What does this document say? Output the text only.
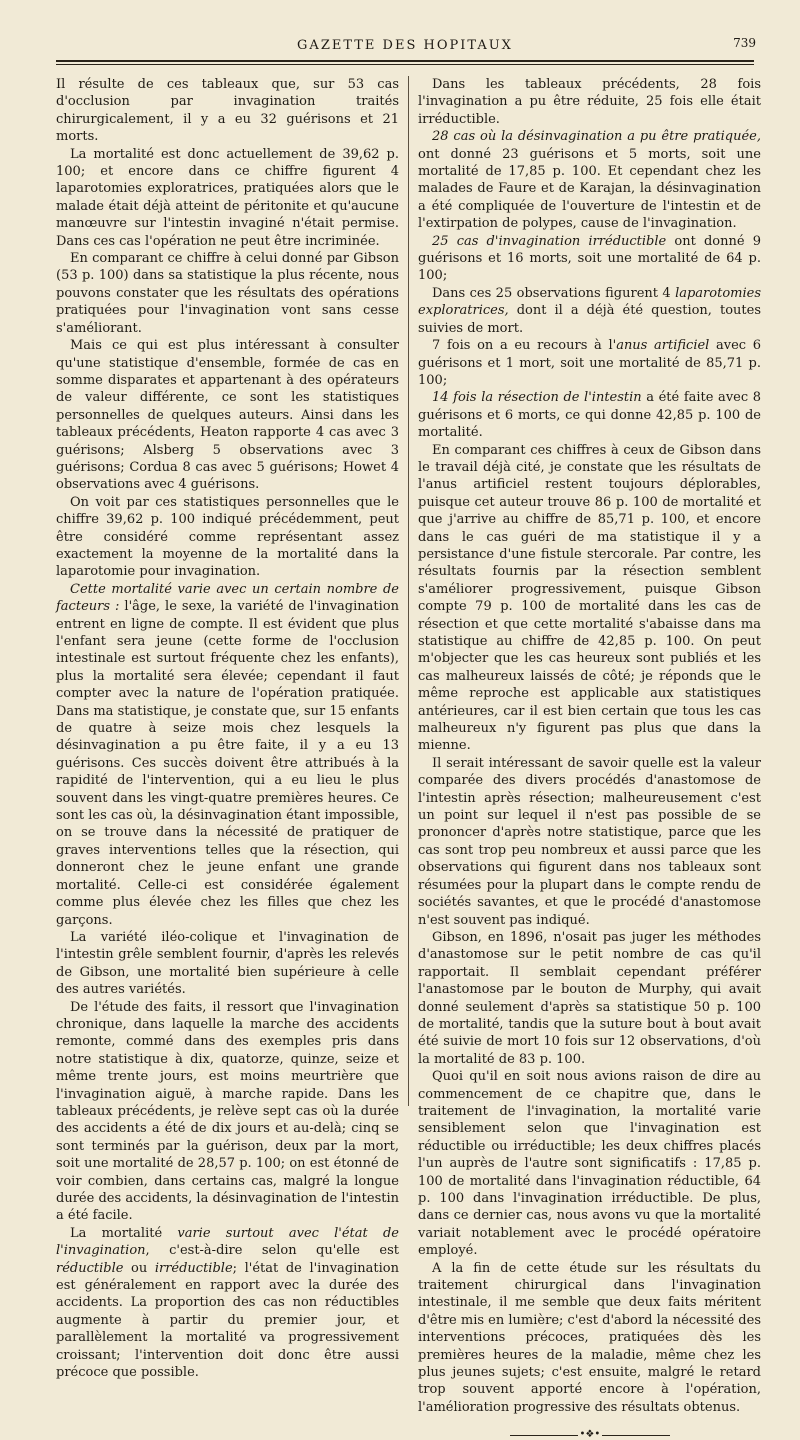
GAZETTE DES HOPITAUX	739

Il résulte de ces tableaux que, sur 53 cas d'occlusion par invagination traités chirurgicalement, il y a eu 32 guérisons et 21 morts.

La mortalité est donc actuellement de 39,62 p. 100; et encore dans ce chiffre figurent 4 laparotomies exploratrices, pratiquées alors que le malade était déjà atteint de péritonite et qu'aucune manœuvre sur l'intestin invaginé n'était permise. Dans ces cas l'opération ne peut être incriminée.

En comparant ce chiffre à celui donné par Gibson (53 p. 100) dans sa statistique la plus récente, nous pouvons constater que les résultats des opérations pratiquées pour l'invagination vont sans cesse s'améliorant.

Mais ce qui est plus intéressant à consulter qu'une statistique d'ensemble, formée de cas en somme disparates et appartenant à des opérateurs de valeur différente, ce sont les statistiques personnelles de quelques auteurs. Ainsi dans les tableaux précédents, Heaton rapporte 4 cas avec 3 guérisons; Alsberg 5 observations avec 3 guérisons; Cordua 8 cas avec 5 guérisons; Howet 4 observations avec 4 guérisons.

On voit par ces statistiques personnelles que le chiffre 39,62 p. 100 indiqué précédemment, peut être considéré comme représentant assez exactement la moyenne de la mortalité dans la laparotomie pour invagination.

Cette mortalité varie avec un certain nombre de facteurs : l'âge, le sexe, la variété de l'invagination entrent en ligne de compte. Il est évident que plus l'enfant sera jeune (cette forme de l'occlusion intestinale est surtout fréquente chez les enfants), plus la mortalité sera élevée; cependant il faut compter avec la nature de l'opération pratiquée. Dans ma statistique, je constate que, sur 15 enfants de quatre à seize mois chez lesquels la désinvagination a pu être faite, il y a eu 13 guérisons. Ces succès doivent être attribués à la rapidité de l'intervention, qui a eu lieu le plus souvent dans les vingt-quatre premières heures. Ce sont les cas où, la désinvagination étant impossible, on se trouve dans la nécessité de pratiquer de graves interventions telles que la résection, qui donneront chez le jeune enfant une grande mortalité. Celle-ci est considérée également comme plus élevée chez les filles que chez les garçons.

La variété iléo-colique et l'invagination de l'intestin grêle semblent fournir, d'après les relevés de Gibson, une mortalité bien supérieure à celle des autres variétés.

De l'étude des faits, il ressort que l'invagination chronique, dans laquelle la marche des accidents remonte, commé dans des exemples pris dans notre statistique à dix, quatorze, quinze, seize et même trente jours, est moins meurtrière que l'invagination aiguë, à marche rapide. Dans les tableaux précédents, je relève sept cas où la durée des accidents a été de dix jours et au-delà; cinq se sont terminés par la guérison, deux par la mort, soit une mortalité de 28,57 p. 100; on est étonné de voir combien, dans certains cas, malgré la longue durée des accidents, la désinvagination de l'intestin a été facile.

La mortalité varie surtout avec l'état de l'invagination, c'est-à-dire selon qu'elle est réductible ou irréductible; l'état de l'invagination est généralement en rapport avec la durée des accidents. La proportion des cas non réductibles augmente à partir du premier jour, et parallèlement la mortalité va progressivement croissant; l'intervention doit donc être aussi précoce que possible.

Dans les tableaux précédents, 28 fois l'invagination a pu être réduite, 25 fois elle était irréductible.

28 cas où la désinvagination a pu être pratiquée, ont donné 23 guérisons et 5 morts, soit une mortalité de 17,85 p. 100. Et cependant chez les malades de Faure et de Karajan, la désinvagination a été compliquée de l'ouverture de l'intestin et de l'extirpation de polypes, cause de l'invagination.

25 cas d'invagination irréductible ont donné 9 guérisons et 16 morts, soit une mortalité de 64 p. 100;

Dans ces 25 observations figurent 4 laparotomies exploratrices, dont il a déjà été question, toutes suivies de mort.

7 fois on a eu recours à l'anus artificiel avec 6 guérisons et 1 mort, soit une mortalité de 85,71 p. 100;

14 fois la résection de l'intestin a été faite avec 8 guérisons et 6 morts, ce qui donne 42,85 p. 100 de mortalité.

En comparant ces chiffres à ceux de Gibson dans le travail déjà cité, je constate que les résultats de l'anus artificiel restent toujours déplorables, puisque cet auteur trouve 86 p. 100 de mortalité et que j'arrive au chiffre de 85,71 p. 100, et encore dans le cas guéri de ma statistique il y a persistance d'une fistule stercorale. Par contre, les résultats fournis par la résection semblent s'améliorer progressivement, puisque Gibson compte 79 p. 100 de mortalité dans les cas de résection et que cette mortalité s'abaisse dans ma statistique au chiffre de 42,85 p. 100. On peut m'objecter que les cas heureux sont publiés et les cas malheureux laissés de côté; je réponds que le même reproche est applicable aux statistiques antérieures, car il est bien certain que tous les cas malheureux n'y figurent pas plus que dans la mienne.

Il serait intéressant de savoir quelle est la valeur comparée des divers procédés d'anastomose de l'intestin après résection; malheureusement c'est un point sur lequel il n'est pas possible de se prononcer d'après notre statistique, parce que les cas sont trop peu nombreux et aussi parce que les observations qui figurent dans nos tableaux sont résumées pour la plupart dans le compte rendu de sociétés savantes, et que le procédé d'anastomose n'est souvent pas indiqué.

Gibson, en 1896, n'osait pas juger les méthodes d'anastomose sur le petit nombre de cas qu'il rapportait. Il semblait cependant préférer l'anastomose par le bouton de Murphy, qui avait donné seulement d'après sa statistique 50 p. 100 de mortalité, tandis que la suture bout à bout avait été suivie de mort 10 fois sur 12 observations, d'où la mortalité de 83 p. 100.

Quoi qu'il en soit nous avions raison de dire au commencement de ce chapitre que, dans le traitement de l'invagination, la mortalité varie sensiblement selon que l'invagination est réductible ou irréductible; les deux chiffres placés l'un auprès de l'autre sont significatifs : 17,85 p. 100 de mortalité dans l'invagination réductible, 64 p. 100 dans l'invagination irréductible. De plus, dans ce dernier cas, nous avons vu que la mortalité variait notablement avec le procédé opératoire employé.

A la fin de cette étude sur les résultats du traitement chirurgical dans l'invagination intestinale, il me semble que deux faits méritent d'être mis en lumière; c'est d'abord la nécessité des interventions précoces, pratiquées dès les premières heures de la maladie, même chez les plus jeunes sujets; c'est ensuite, malgré le retard trop souvent apporté encore à l'opération, l'amélioration progressive des résultats obtenus.

•❖•
